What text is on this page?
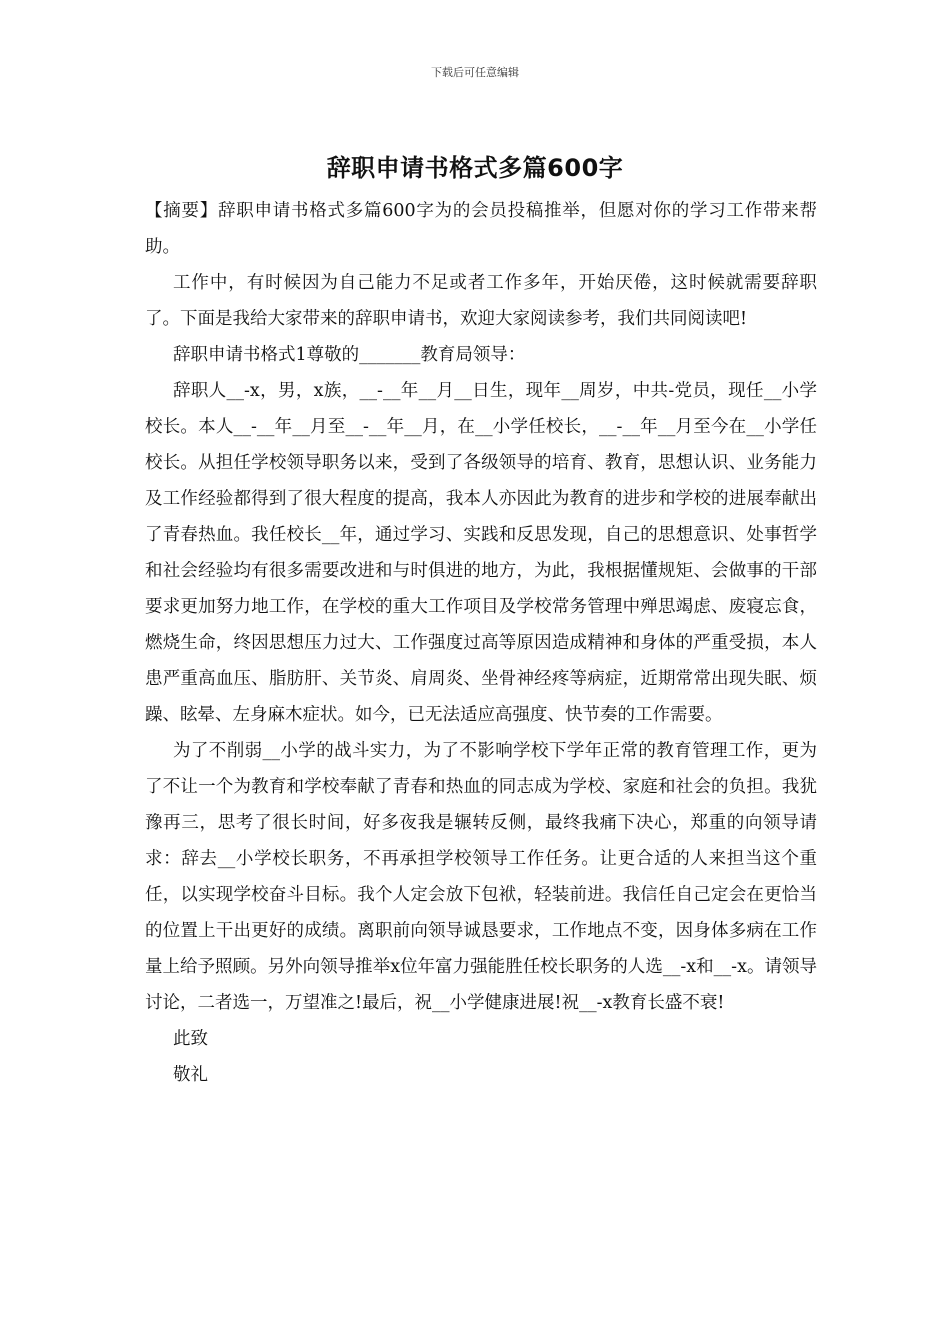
下载后可任意编辑
辞职申请书格式多篇600字

【摘要】辞职申请书格式多篇600字为的会员投稿推举，但愿对你的学习工作带来帮助。

工作中，有时候因为自己能力不足或者工作多年，开始厌倦，这时候就需要辞职了。下面是我给大家带来的辞职申请书，欢迎大家阅读参考，我们共同阅读吧!

辞职申请书格式1尊敬的_______教育局领导：

辞职人__-x，男，x族，__-__年__月__日生，现年__周岁，中共-党员，现任__小学校长。本人__-__年__月至__-__年__月，在__小学任校长，__-__年__月至今在__小学任校长。从担任学校领导职务以来，受到了各级领导的培育、教育，思想认识、业务能力及工作经验都得到了很大程度的提高，我本人亦因此为教育的进步和学校的进展奉献出了青春热血。我任校长__年，通过学习、实践和反思发现，自己的思想意识、处事哲学和社会经验均有很多需要改进和与时俱进的地方，为此，我根据懂规矩、会做事的干部要求更加努力地工作，在学校的重大工作项目及学校常务管理中殚思竭虑、废寝忘食，燃烧生命，终因思想压力过大、工作强度过高等原因造成精神和身体的严重受损，本人患严重高血压、脂肪肝、关节炎、肩周炎、坐骨神经疼等病症，近期常常出现失眠、烦躁、眩晕、左身麻木症状。如今，已无法适应高强度、快节奏的工作需要。

为了不削弱__小学的战斗实力，为了不影响学校下学年正常的教育管理工作，更为了不让一个为教育和学校奉献了青春和热血的同志成为学校、家庭和社会的负担。我犹豫再三，思考了很长时间，好多夜我是辗转反侧，最终我痛下决心，郑重的向领导请求：辞去__小学校长职务，不再承担学校领导工作任务。让更合适的人来担当这个重任，以实现学校奋斗目标。我个人定会放下包袱，轻装前进。我信任自己定会在更恰当的位置上干出更好的成绩。离职前向领导诚恳要求，工作地点不变，因身体多病在工作量上给予照顾。另外向领导推举x位年富力强能胜任校长职务的人选__-x和__-x。请领导讨论，二者选一，万望准之!最后，祝__小学健康进展!祝__-x教育长盛不衰!

此致

敬礼
